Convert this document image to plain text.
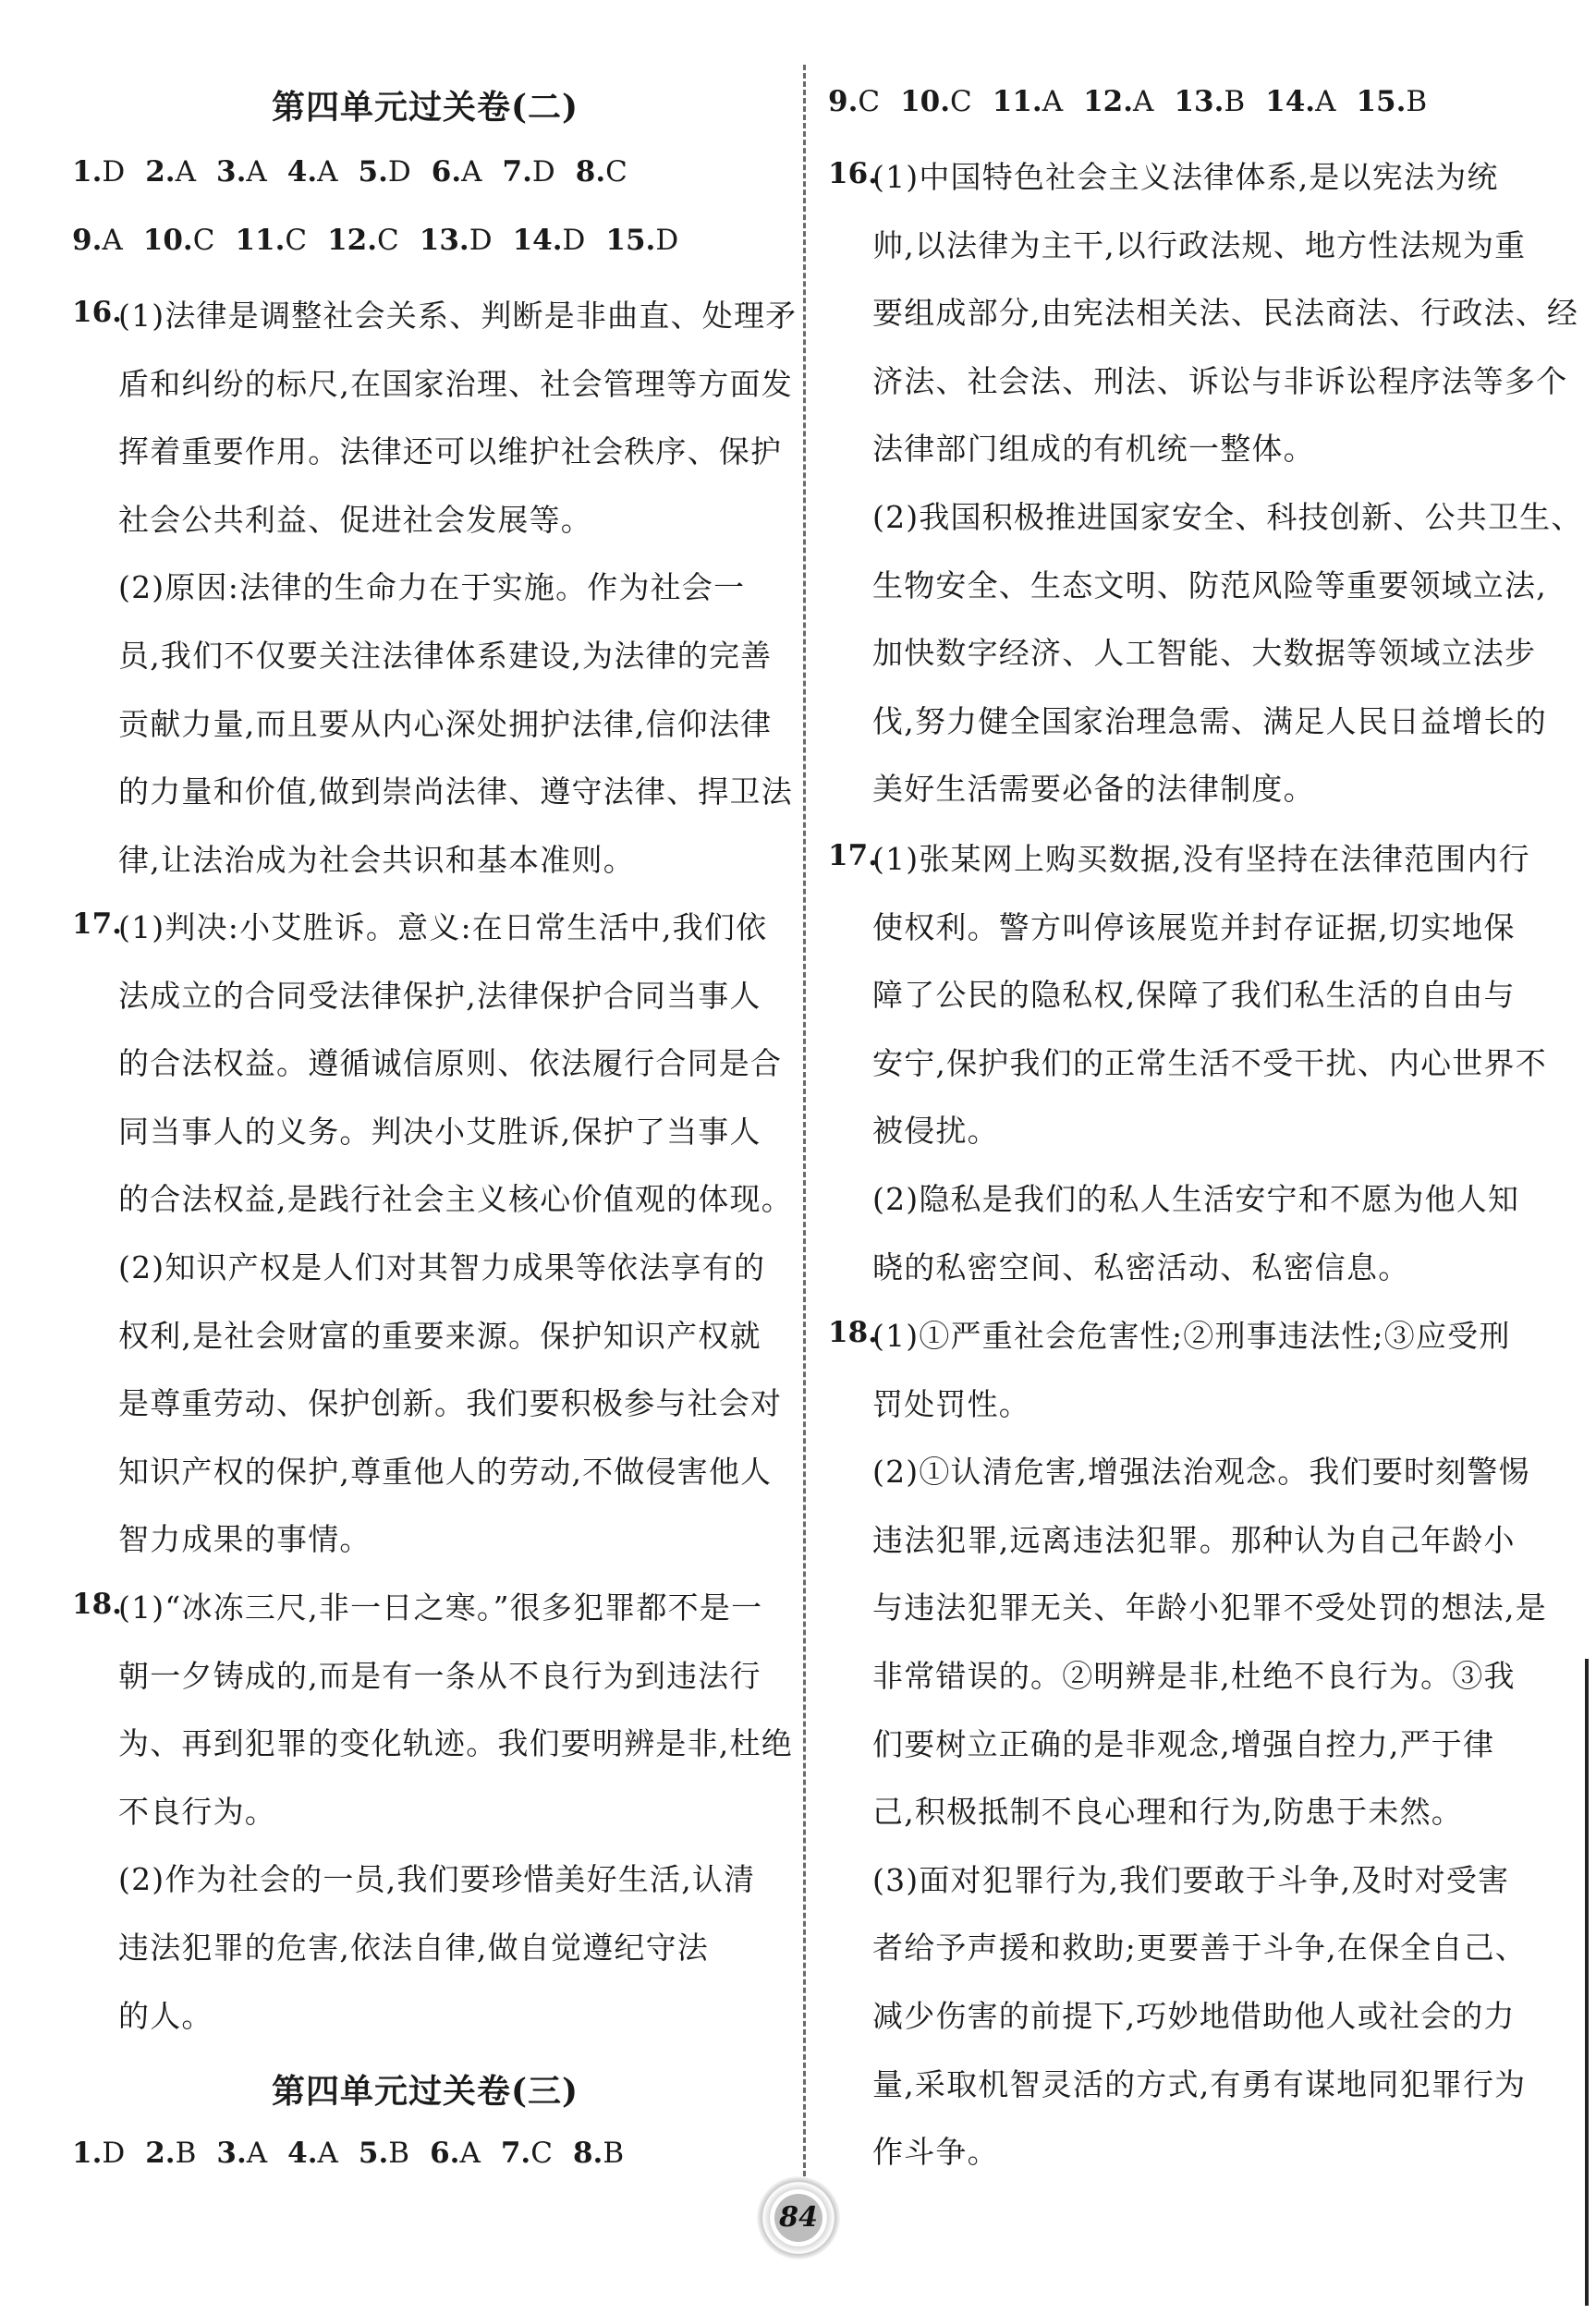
第四单元过关卷(二)
1.D 2.A 3.A 4.A 5.D 6.A 7.D 8.C
9.A 10.C 11.C 12.C 13.D 14.D 15.D
16.
(1)法律是调整社会关系、判断是非曲直、处理矛
盾和纠纷的标尺,在国家治理、社会管理等方面发
挥着重要作用。法律还可以维护社会秩序、保护
社会公共利益、促进社会发展等。
(2)原因:法律的生命力在于实施。作为社会一
员,我们不仅要关注法律体系建设,为法律的完善
贡献力量,而且要从内心深处拥护法律,信仰法律
的力量和价值,做到崇尚法律、遵守法律、捍卫法
律,让法治成为社会共识和基本准则。
17.
(1)判决:小艾胜诉。意义:在日常生活中,我们依
法成立的合同受法律保护,法律保护合同当事人
的合法权益。遵循诚信原则、依法履行合同是合
同当事人的义务。判决小艾胜诉,保护了当事人
的合法权益,是践行社会主义核心价值观的体现。
(2)知识产权是人们对其智力成果等依法享有的
权利,是社会财富的重要来源。保护知识产权就
是尊重劳动、保护创新。我们要积极参与社会对
知识产权的保护,尊重他人的劳动,不做侵害他人
智力成果的事情。
18.
(1)“冰冻三尺,非一日之寒。”很多犯罪都不是一
朝一夕铸成的,而是有一条从不良行为到违法行
为、再到犯罪的变化轨迹。我们要明辨是非,杜绝
不良行为。
(2)作为社会的一员,我们要珍惜美好生活,认清
违法犯罪的危害,依法自律,做自觉遵纪守法
的人。
第四单元过关卷(三)
1.D 2.B 3.A 4.A 5.B 6.A 7.C 8.B
9.C 10.C 11.A 12.A 13.B 14.A 15.B
16.
(1)中国特色社会主义法律体系,是以宪法为统
帅,以法律为主干,以行政法规、地方性法规为重
要组成部分,由宪法相关法、民法商法、行政法、经
济法、社会法、刑法、诉讼与非诉讼程序法等多个
法律部门组成的有机统一整体。
(2)我国积极推进国家安全、科技创新、公共卫生、
生物安全、生态文明、防范风险等重要领域立法,
加快数字经济、人工智能、大数据等领域立法步
伐,努力健全国家治理急需、满足人民日益增长的
美好生活需要必备的法律制度。
17.
(1)张某网上购买数据,没有坚持在法律范围内行
使权利。警方叫停该展览并封存证据,切实地保
障了公民的隐私权,保障了我们私生活的自由与
安宁,保护我们的正常生活不受干扰、内心世界不
被侵扰。
(2)隐私是我们的私人生活安宁和不愿为他人知
晓的私密空间、私密活动、私密信息。
18.
(1)①严重社会危害性;②刑事违法性;③应受刑
罚处罚性。
(2)①认清危害,增强法治观念。我们要时刻警惕
违法犯罪,远离违法犯罪。那种认为自己年龄小
与违法犯罪无关、年龄小犯罪不受处罚的想法,是
非常错误的。②明辨是非,杜绝不良行为。③我
们要树立正确的是非观念,增强自控力,严于律
己,积极抵制不良心理和行为,防患于未然。
(3)面对犯罪行为,我们要敢于斗争,及时对受害
者给予声援和救助;更要善于斗争,在保全自己、
减少伤害的前提下,巧妙地借助他人或社会的力
量,采取机智灵活的方式,有勇有谋地同犯罪行为
作斗争。
84
